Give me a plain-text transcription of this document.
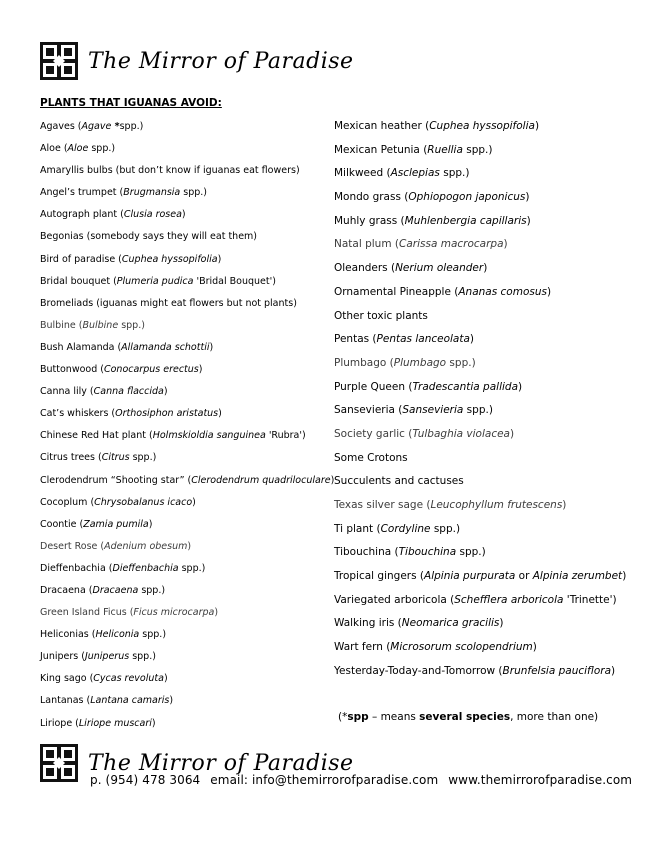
The Mirror of Paradise
PLANTS THAT IGUANAS AVOID:
Agaves (Agave *spp.)
Aloe (Aloe spp.)
Amaryllis bulbs (but don’t know if iguanas eat flowers)
Angel’s trumpet (Brugmansia spp.)
Autograph plant (Clusia rosea)
Begonias (somebody says they will eat them)
Bird of paradise (Cuphea hyssopifolia)
Bridal bouquet (Plumeria pudica 'Bridal Bouquet')
Bromeliads (iguanas might eat flowers but not plants)
Bulbine (Bulbine spp.)
Bush Alamanda (Allamanda schottii)
Buttonwood (Conocarpus erectus)
Canna lily (Canna flaccida)
Cat’s whiskers (Orthosiphon aristatus)
Chinese Red Hat plant (Holmskioldia sanguinea 'Rubra')
Citrus trees (Citrus spp.)
Clerodendrum “Shooting star” (Clerodendrum quadriloculare)
Cocoplum (Chrysobalanus icaco)
Coontie (Zamia pumila)
Desert Rose (Adenium obesum)
Dieffenbachia (Dieffenbachia spp.)
Dracaena (Dracaena spp.)
Green Island Ficus (Ficus microcarpa)
Heliconias (Heliconia spp.)
Junipers (Juniperus spp.)
King sago (Cycas revoluta)
Lantanas (Lantana camaris)
Liriope (Liriope muscari)
Mexican heather (Cuphea hyssopifolia)
Mexican Petunia (Ruellia spp.)
Milkweed (Asclepias spp.)
Mondo grass (Ophiopogon japonicus)
Muhly grass (Muhlenbergia capillaris)
Natal plum (Carissa macrocarpa)
Oleanders (Nerium oleander)
Ornamental Pineapple (Ananas comosus)
Other toxic plants
Pentas (Pentas lanceolata)
Plumbago (Plumbago spp.)
Purple Queen (Tradescantia pallida)
Sansevieria (Sansevieria spp.)
Society garlic (Tulbaghia violacea)
Some Crotons
Succulents and cactuses
Texas silver sage (Leucophyllum frutescens)
Ti plant (Cordyline spp.)
Tibouchina (Tibouchina spp.)
Tropical gingers (Alpinia purpurata or Alpinia zerumbet)
Variegated arboricola (Schefflera arboricola 'Trinette')
Walking iris (Neomarica gracilis)
Wart fern (Microsorum scolopendrium)
Yesterday-Today-and-Tomorrow (Brunfelsia pauciflora)
(*spp – means several species, more than one)
The Mirror of Paradise
p. (954) 478 3064 email: info@themirrorofparadise.com www.themirrorofparadise.com
